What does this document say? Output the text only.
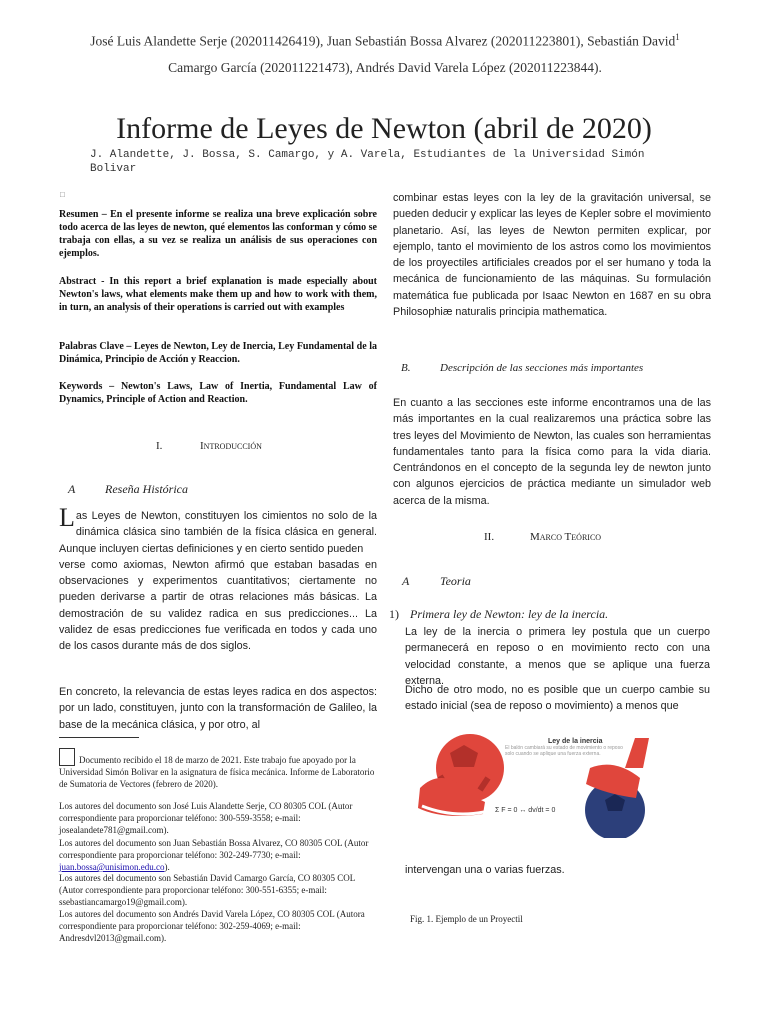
José Luis Alandette Serje (202011426419), Juan Sebastián Bossa Alvarez (202011223801), Sebastián David$^1$
Camargo García (202011221473), Andrés David Varela López (202011223844).
Informe de Leyes de Newton (abril de 2020)
J. Alandette, J. Bossa, S. Camargo, y A. Varela, Estudiantes de la Universidad Simón Bolivar
□
Resumen – En el presente informe se realiza una breve explicación sobre todo acerca de las leyes de newton, qué elementos las conforman y cómo se trabaja con ellas, a su vez se realiza un análisis de sus operaciones con ejemplos.
Abstract - In this report a brief explanation is made especially about Newton's laws, what elements make them up and how to work with them, in turn, an analysis of their operations is carried out with examples
Palabras Clave – Leyes de Newton, Ley de Inercia, Ley Fundamental de la Dinámica, Principio de Acción y Reaccion.
Keywords – Newton's Laws, Law of Inertia, Fundamental Law of Dynamics, Principle of Action and Reaction.
I.	Introducción
A Reseña Histórica
Las Leyes de Newton, constituyen los cimientos no solo de la dinámica clásica sino también de la física clásica en general. Aunque incluyen ciertas definiciones y en cierto sentido pueden
verse como axiomas, Newton afirmó que estaban basadas en observaciones y experimentos cuantitativos; ciertamente no pueden derivarse a partir de otras relaciones más básicas. La demostración de su validez radica en sus predicciones... La validez de esas predicciones fue verificada en todos y cada uno de los casos durante más de dos siglos.
En concreto, la relevancia de estas leyes radica en dos aspectos: por un lado, constituyen, junto con la transformación de Galileo, la base de la mecánica clásica, y por otro, al
Documento recibido el 18 de marzo de 2021. Este trabajo fue apoyado por la Universidad Simón Bolivar en la asignatura de física mecánica. Informe de Laboratorio de Sumatoria de Vectores (febrero de 2020).
Los autores del documento son José Luis Alandette Serje, CO 80305 COL (Autor correspondiente para proporcionar teléfono: 300-559-3558; e-mail: josealandete781@gmail.com).
Los autores del documento son Juan Sebastián Bossa Alvarez, CO 80305 COL (Autor correspondiente para proporcionar teléfono: 302-249-7730; e-mail: juan.bossa@unisimon.edu.co).
Los autores del documento son Sebastián David Camargo García, CO 80305 COL (Autor correspondiente para proporcionar teléfono: 300-551-6355; e-mail: ssebastiancamargo19@gmail.com).
Los autores del documento son Andrés David Varela López, CO 80305 COL (Autora correspondiente para proporcionar teléfono: 302-259-4069; e-mail: Andresdvl2013@gmail.com).
combinar estas leyes con la ley de la gravitación universal, se pueden deducir y explicar las leyes de Kepler sobre el movimiento planetario. Así, las leyes de Newton permiten explicar, por ejemplo, tanto el movimiento de los astros como los movimientos de los proyectiles artificiales creados por el ser humano y toda la mecánica de funcionamiento de las máquinas. Su formulación matemática fue publicada por Isaac Newton en 1687 en su obra Philosophiæ naturalis principia mathematica.
B.	Descripción de las secciones más importantes
En cuanto a las secciones este informe encontramos una de las más importantes en la cual realizaremos una práctica sobre las tres leyes del Movimiento de Newton, las cuales son herramientas fundamentales tanto para la física como para la vida diaria. Centrándonos en el concepto de la segunda ley de newton junto con algunos ejercicios de práctica mediante un simulador web acerca de la misma.
II.	Marco Teórico
A	Teoria
1) Primera ley de Newton: ley de la inercia.
La ley de la inercia o primera ley postula que un cuerpo permanecerá en reposo o en movimiento recto con una velocidad constante, a menos que se aplique una fuerza externa.
Dicho de otro modo, no es posible que un cuerpo cambie su estado inicial (sea de reposo o movimiento) a menos que
Ley de la inercia
El balón cambiará su estado de movimiento o reposo solo cuando se aplique una fuerza externa.
Σ F = 0 ↔ dv/dt = 0
intervengan una o varias fuerzas.
Fig. 1. Ejemplo de un Proyectil
